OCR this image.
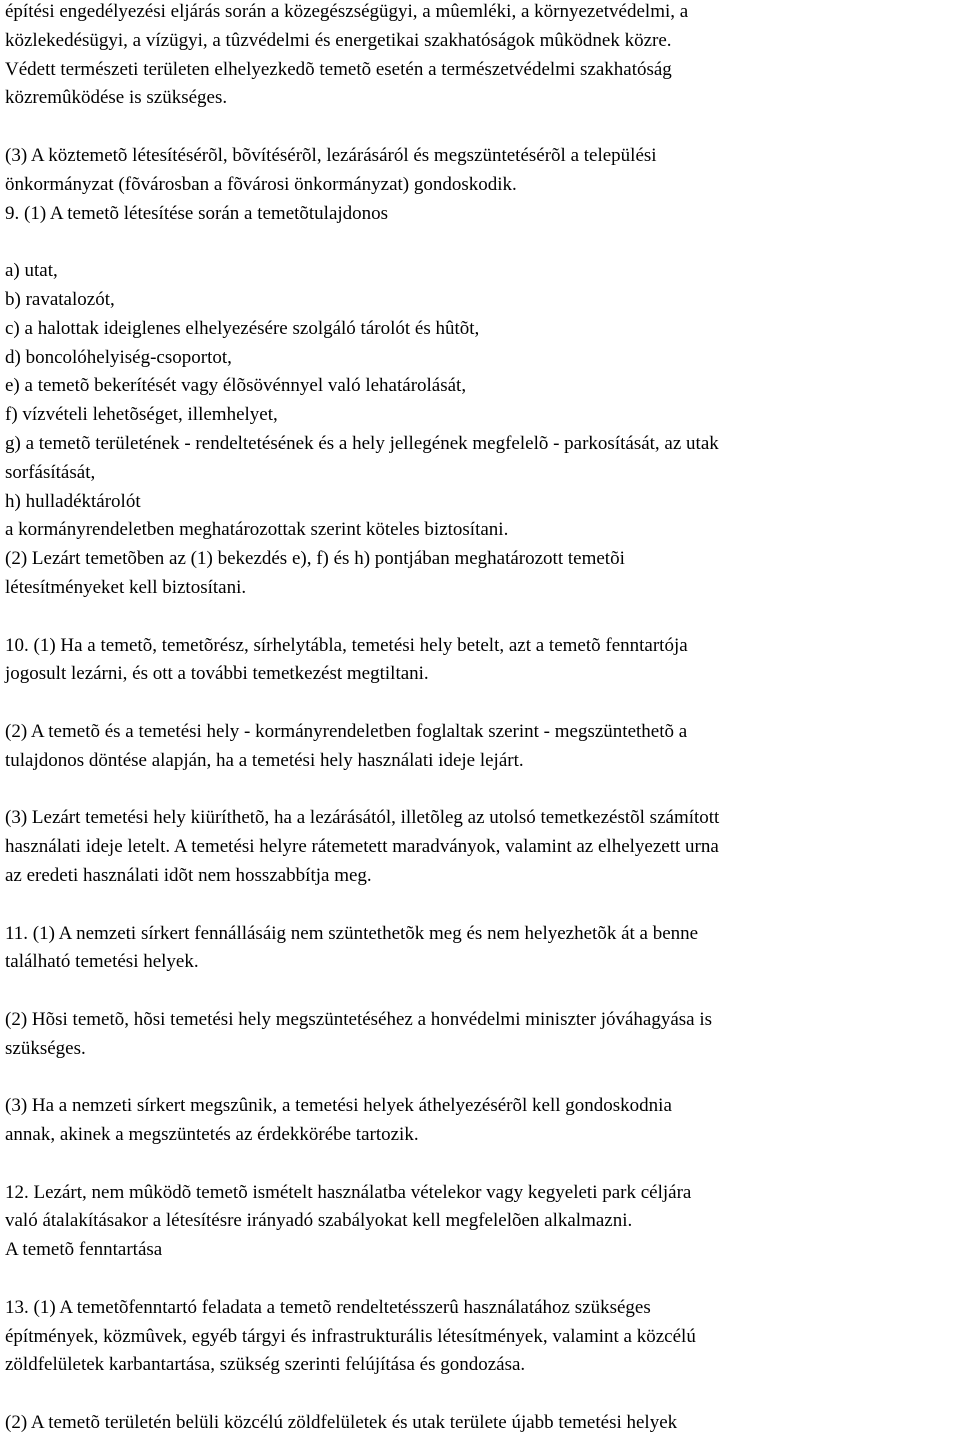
építési engedélyezési eljárás során a közegészségügyi, a mûemléki, a környezetvédelmi, a
közlekedésügyi, a vízügyi, a tûzvédelmi és energetikai szakhatóságok mûködnek közre.
Védett természeti területen elhelyezkedõ temetõ esetén a természetvédelmi szakhatóság
közremûködése is szükséges.

(3) A köztemetõ létesítésérõl, bõvítésérõl, lezárásáról és megszüntetésérõl a települési
önkormányzat (fõvárosban a fõvárosi önkormányzat) gondoskodik.
9. (1) A temetõ létesítése során a temetõtulajdonos

a) utat,
b) ravatalozót,
c) a halottak ideiglenes elhelyezésére szolgáló tárolót és hûtõt,
d) boncolóhelyiség-csoportot,
e) a temetõ bekerítését vagy élõsövénnyel való lehatárolását,
f) vízvételi lehetõséget, illemhelyet,
g) a temetõ területének - rendeltetésének és a hely jellegének megfelelõ - parkosítását, az utak
sorfásítását,
h) hulladéktárolót
a kormányrendeletben meghatározottak szerint köteles biztosítani.
(2) Lezárt temetõben az (1) bekezdés e), f) és h) pontjában meghatározott temetõi
létesítményeket kell biztosítani.

10. (1) Ha a temetõ, temetõrész, sírhelytábla, temetési hely betelt, azt a temetõ fenntartója
jogosult lezárni, és ott a további temetkezést megtiltani.

(2) A temetõ és a temetési hely - kormányrendeletben foglaltak szerint - megszüntethetõ a
tulajdonos döntése alapján, ha a temetési hely használati ideje lejárt.

(3) Lezárt temetési hely kiüríthetõ, ha a lezárásától, illetõleg az utolsó temetkezéstõl számított
használati ideje letelt. A temetési helyre rátemetett maradványok, valamint az elhelyezett urna
az eredeti használati idõt nem hosszabbítja meg.

11. (1) A nemzeti sírkert fennállásáig nem szüntethetõk meg és nem helyezhetõk át a benne
található temetési helyek.

(2) Hõsi temetõ, hõsi temetési hely megszüntetéséhez a honvédelmi miniszter jóváhagyása is
szükséges.

(3) Ha a nemzeti sírkert megszûnik, a temetési helyek áthelyezésérõl kell gondoskodnia
annak, akinek a megszüntetés az érdekkörébe tartozik.

12. Lezárt, nem mûködõ temetõ ismételt használatba vételekor vagy kegyeleti park céljára
való átalakításakor a létesítésre irányadó szabályokat kell megfelelõen alkalmazni.
A temetõ fenntartása

13. (1) A temetõfenntartó feladata a temetõ rendeltetésszerû használatához szükséges
építmények, közmûvek, egyéb tárgyi és infrastrukturális létesítmények, valamint a közcélú
zöldfelületek karbantartása, szükség szerinti felújítása és gondozása.

(2) A temetõ területén belüli közcélú zöldfelületek és utak területe újabb temetési helyek
